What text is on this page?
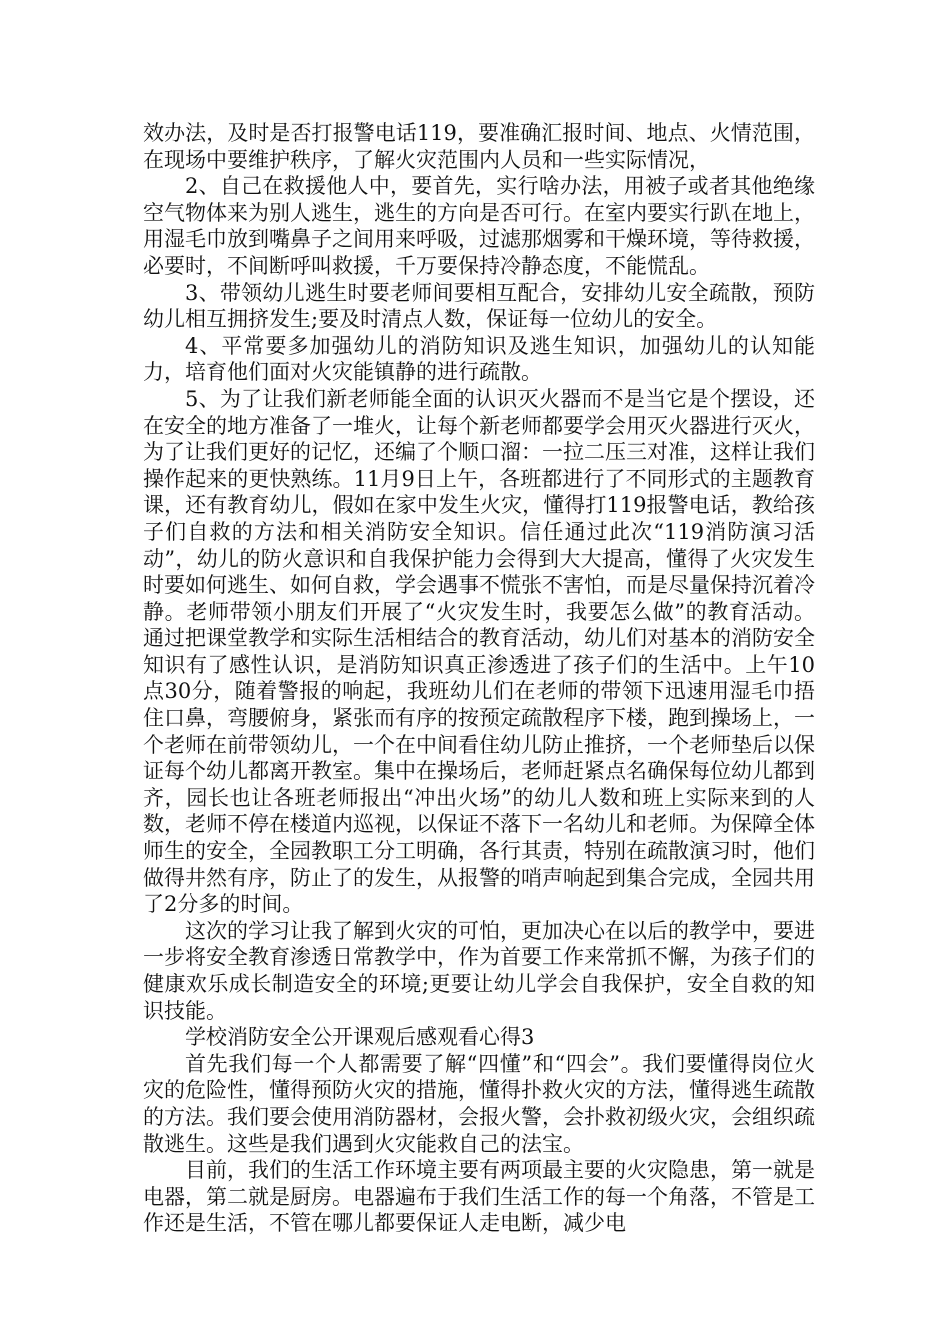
效办法，及时是否打报警电话119，要准确汇报时间、地点、火情范围，在现场中要维护秩序，了解火灾范围内人员和一些实际情况，

2、自己在救援他人中，要首先，实行啥办法，用被子或者其他绝缘空气物体来为别人逃生，逃生的方向是否可行。在室内要实行趴在地上，用湿毛巾放到嘴鼻子之间用来呼吸，过滤那烟雾和干燥环境，等待救援，必要时，不间断呼叫救援，千万要保持冷静态度，不能慌乱。

3、带领幼儿逃生时要老师间要相互配合，安排幼儿安全疏散，预防幼儿相互拥挤发生;要及时清点人数，保证每一位幼儿的安全。

4、平常要多加强幼儿的消防知识及逃生知识，加强幼儿的认知能力，培育他们面对火灾能镇静的进行疏散。

5、为了让我们新老师能全面的认识灭火器而不是当它是个摆设，还在安全的地方准备了一堆火，让每个新老师都要学会用灭火器进行灭火，为了让我们更好的记忆，还编了个顺口溜：一拉二压三对准，这样让我们操作起来的更快熟练。11月9日上午，各班都进行了不同形式的主题教育课，还有教育幼儿，假如在家中发生火灾，懂得打119报警电话，教给孩子们自救的方法和相关消防安全知识。信任通过此次“119消防演习活动”，幼儿的防火意识和自我保护能力会得到大大提高，懂得了火灾发生时要如何逃生、如何自救，学会遇事不慌张不害怕，而是尽量保持沉着冷静。老师带领小朋友们开展了“火灾发生时，我要怎么做”的教育活动。通过把课堂教学和实际生活相结合的教育活动，幼儿们对基本的消防安全知识有了感性认识，是消防知识真正渗透进了孩子们的生活中。上午10点30分，随着警报的响起，我班幼儿们在老师的带领下迅速用湿毛巾捂住口鼻，弯腰俯身，紧张而有序的按预定疏散程序下楼，跑到操场上，一个老师在前带领幼儿，一个在中间看住幼儿防止推挤，一个老师垫后以保证每个幼儿都离开教室。集中在操场后，老师赶紧点名确保每位幼儿都到齐，园长也让各班老师报出“冲出火场”的幼儿人数和班上实际来到的人数，老师不停在楼道内巡视，以保证不落下一名幼儿和老师。为保障全体师生的安全，全园教职工分工明确，各行其责，特别在疏散演习时，他们做得井然有序，防止了的发生，从报警的哨声响起到集合完成，全园共用了2分多的时间。

这次的学习让我了解到火灾的可怕，更加决心在以后的教学中，要进一步将安全教育渗透日常教学中，作为首要工作来常抓不懈，为孩子们的健康欢乐成长制造安全的环境;更要让幼儿学会自我保护，安全自救的知识技能。

学校消防安全公开课观后感观看心得3

首先我们每一个人都需要了解“四懂”和“四会”。我们要懂得岗位火灾的危险性，懂得预防火灾的措施，懂得扑救火灾的方法，懂得逃生疏散的方法。我们要会使用消防器材，会报火警，会扑救初级火灾，会组织疏散逃生。这些是我们遇到火灾能救自己的法宝。

目前，我们的生活工作环境主要有两项最主要的火灾隐患，第一就是电器，第二就是厨房。电器遍布于我们生活工作的每一个角落，不管是工作还是生活，不管在哪儿都要保证人走电断，减少电
